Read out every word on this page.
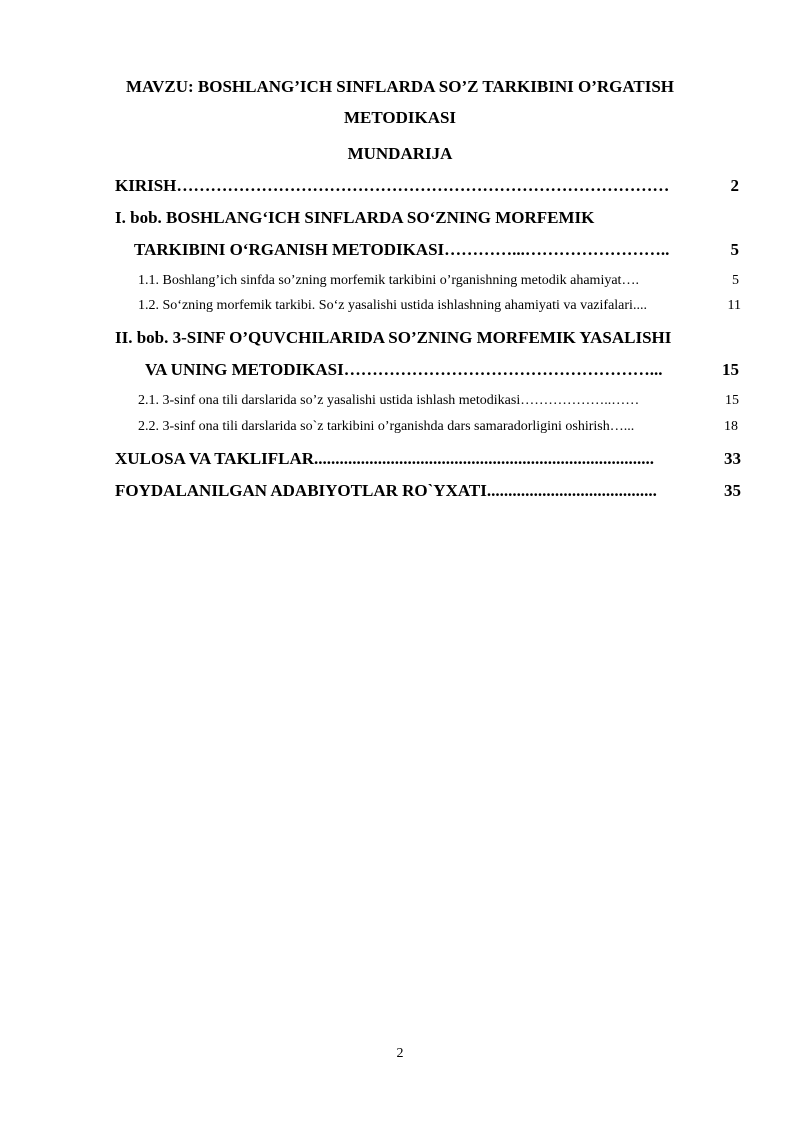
MAVZU: BOSHLANG’ICH SINFLARDA SO’Z TARKIBINI O’RGATISH
METODIKASI
MUNDARIJA
KIRISH ……………………………………………………………………………	2
I. bob. BOSHLANG‘ICH SINFLARDA SO‘ZNING MORFEMIK
TARKIBINI O‘RGANISH METODIKASI …………...……………………..	5
1.1. Boshlang’ich sinfda so’zning morfemik tarkibini o’rganishning metodik ahamiyat ….	5
1.2. So‘zning morfemik tarkibi. So‘z yasalishi ustida ishlashning ahamiyati va vazifalari ....	11
II. bob. 3-SINF O’QUVCHILARIDA SO’ZNING MORFEMIK YASALISHI
VA UNING METODIKASI ………………………………………………...	15
2.1. 3-sinf ona tili darslarida so’z yasalishi ustida ishlash metodikasi ………………..……	15
2.2. 3-sinf ona tili darslarida so`z tarkibini o’rganishda dars samaradorligini oshirish …...	18
XULOSA VA TAKLIFLAR ................................................................................	33
FOYDALANILGAN ADABIYOTLAR RO`YXATI ........................................	35
2
